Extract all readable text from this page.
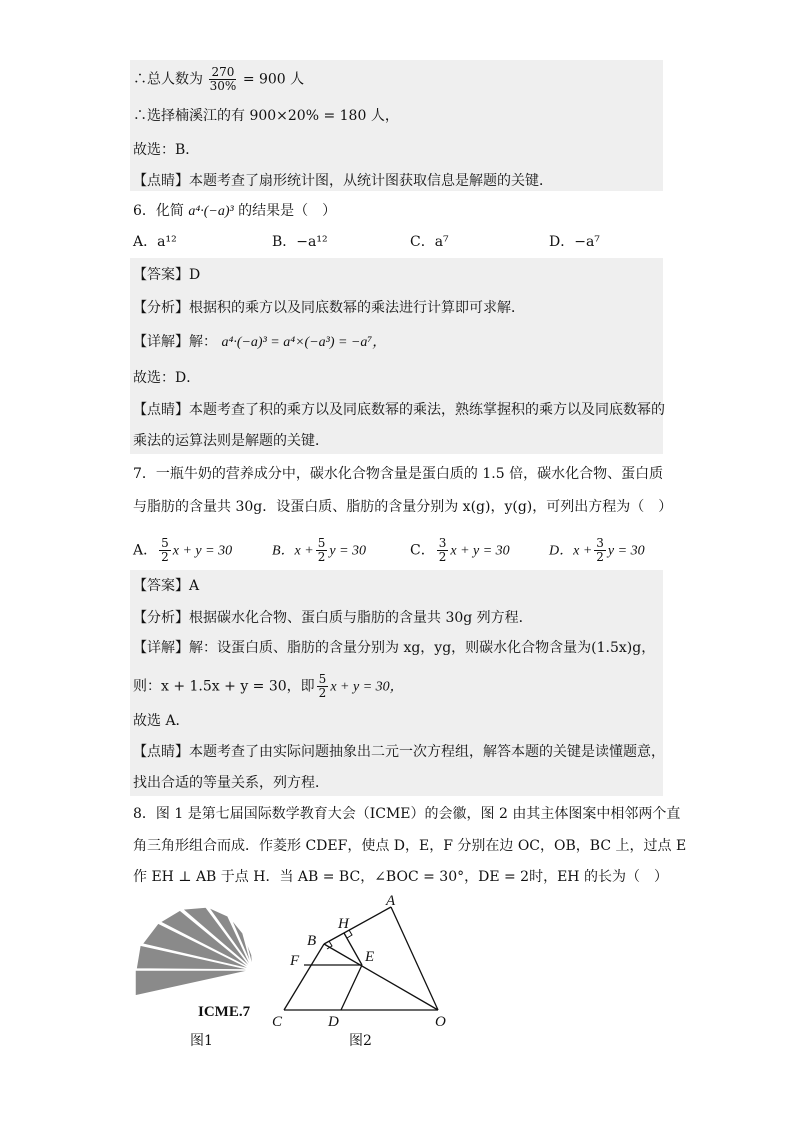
∴总人数为 $\frac{270}{30\%} = 900$ 人
∴选择楠溪江的有 900×20% = 180 人，
故选：B．
【点睛】本题考查了扇形统计图，从统计图获取信息是解题的关键．
6．化简 a⁴·(−a)³ 的结果是（　）
A．a¹²	B．−a¹²	C．a⁷	D．−a⁷
【答案】D
【分析】根据积的乘方以及同底数幂的乘法进行计算即可求解．
【详解】解： a⁴·(−a)³ = a⁴×(−a³) = −a⁷，
故选：D．
【点睛】本题考查了积的乘方以及同底数幂的乘法，熟练掌握积的乘方以及同底数幂的
乘法的运算法则是解题的关键．
7．一瓶牛奶的营养成分中，碳水化合物含量是蛋白质的 1.5 倍，碳水化合物、蛋白质
与脂肪的含量共 30g．设蛋白质、脂肪的含量分别为 x(g)，y(g)，可列出方程为（　）
A． $\frac{5}{2}$ x + y = 30	B．$x + \frac{5}{2}$ y = 30	C． $\frac{3}{2}$ x + y = 30	D．$x + \frac{3}{2}$ y = 30
【答案】A
【分析】根据碳水化合物、蛋白质与脂肪的含量共 30g 列方程．
【详解】解：设蛋白质、脂肪的含量分别为 xg，yg，则碳水化合物含量为(1.5x)g，
则：x + 1.5x + y = 30，即 $\frac{5}{2}$ x + y = 30，
故选 A．
【点睛】本题考查了由实际问题抽象出二元一次方程组，解答本题的关键是读懂题意，
找出合适的等量关系，列方程．
8．图 1 是第七届国际数学教育大会（ICME）的会徽，图 2 由其主体图案中相邻两个直
角三角形组合而成．作菱形 CDEF，使点 D，E，F 分别在边 OC，OB，BC 上，过点 E
作 EH ⊥ AB 于点 H．当 AB = BC，∠BOC = 30°，DE = 2时，EH 的长为（　）
ICME.7
图1
A
H
B
F	E
C	D	O
图2
